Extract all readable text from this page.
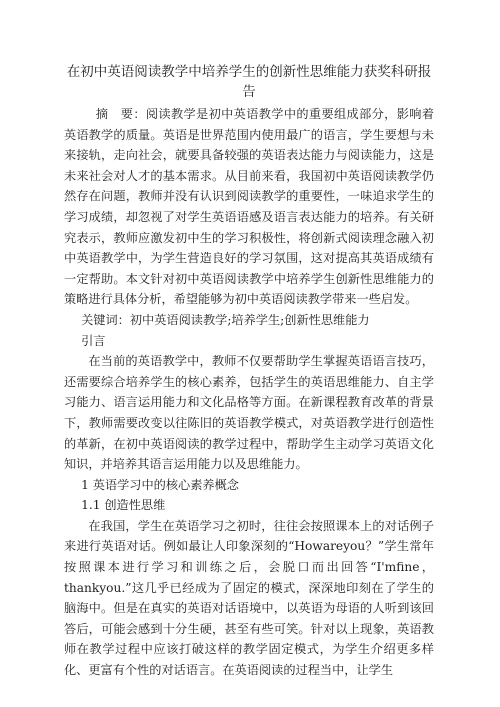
在初中英语阅读教学中培养学生的创新性思维能力获奖科研报告

摘　要：阅读教学是初中英语教学中的重要组成部分，影响着英语教学的质量。英语是世界范围内使用最广的语言，学生要想与未来接轨，走向社会，就要具备较强的英语表达能力与阅读能力，这是未来社会对人才的基本需求。从目前来看，我国初中英语阅读教学仍然存在问题，教师并没有认识到阅读教学的重要性，一味追求学生的学习成绩，却忽视了对学生英语语感及语言表达能力的培养。有关研究表示，教师应激发初中生的学习积极性，将创新式阅读理念融入初中英语教学中，为学生营造良好的学习氛围，这对提高其英语成绩有一定帮助。本文针对初中英语阅读教学中培养学生创新性思维能力的策略进行具体分析，希望能够为初中英语阅读教学带来一些启发。

关键词：初中英语阅读教学;培养学生;创新性思维能力

引言

在当前的英语教学中，教师不仅要帮助学生掌握英语语言技巧，还需要综合培养学生的核心素养，包括学生的英语思维能力、自主学习能力、语言运用能力和文化品格等方面。在新课程教育改革的背景下，教师需要改变以往陈旧的英语教学模式，对英语教学进行创造性的革新，在初中英语阅读的教学过程中，帮助学生主动学习英语文化知识，并培养其语言运用能力以及思维能力。

1 英语学习中的核心素养概念

1.1 创造性思维

在我国，学生在英语学习之初时，往往会按照课本上的对话例子来进行英语对话。例如最让人印象深刻的“Howareyou？”学生常年按照课本进行学习和训练之后，会脱口而出回答“I'mfine，thankyou.”这几乎已经成为了固定的模式，深深地印刻在了学生的脑海中。但是在真实的英语对话语境中，以英语为母语的人听到该回答后，可能会感到十分生硬，甚至有些可笑。针对以上现象，英语教师在教学过程中应该打破这样的教学固定模式，为学生介绍更多样化、更富有个性的对话语言。在英语阅读的过程当中，让学生
